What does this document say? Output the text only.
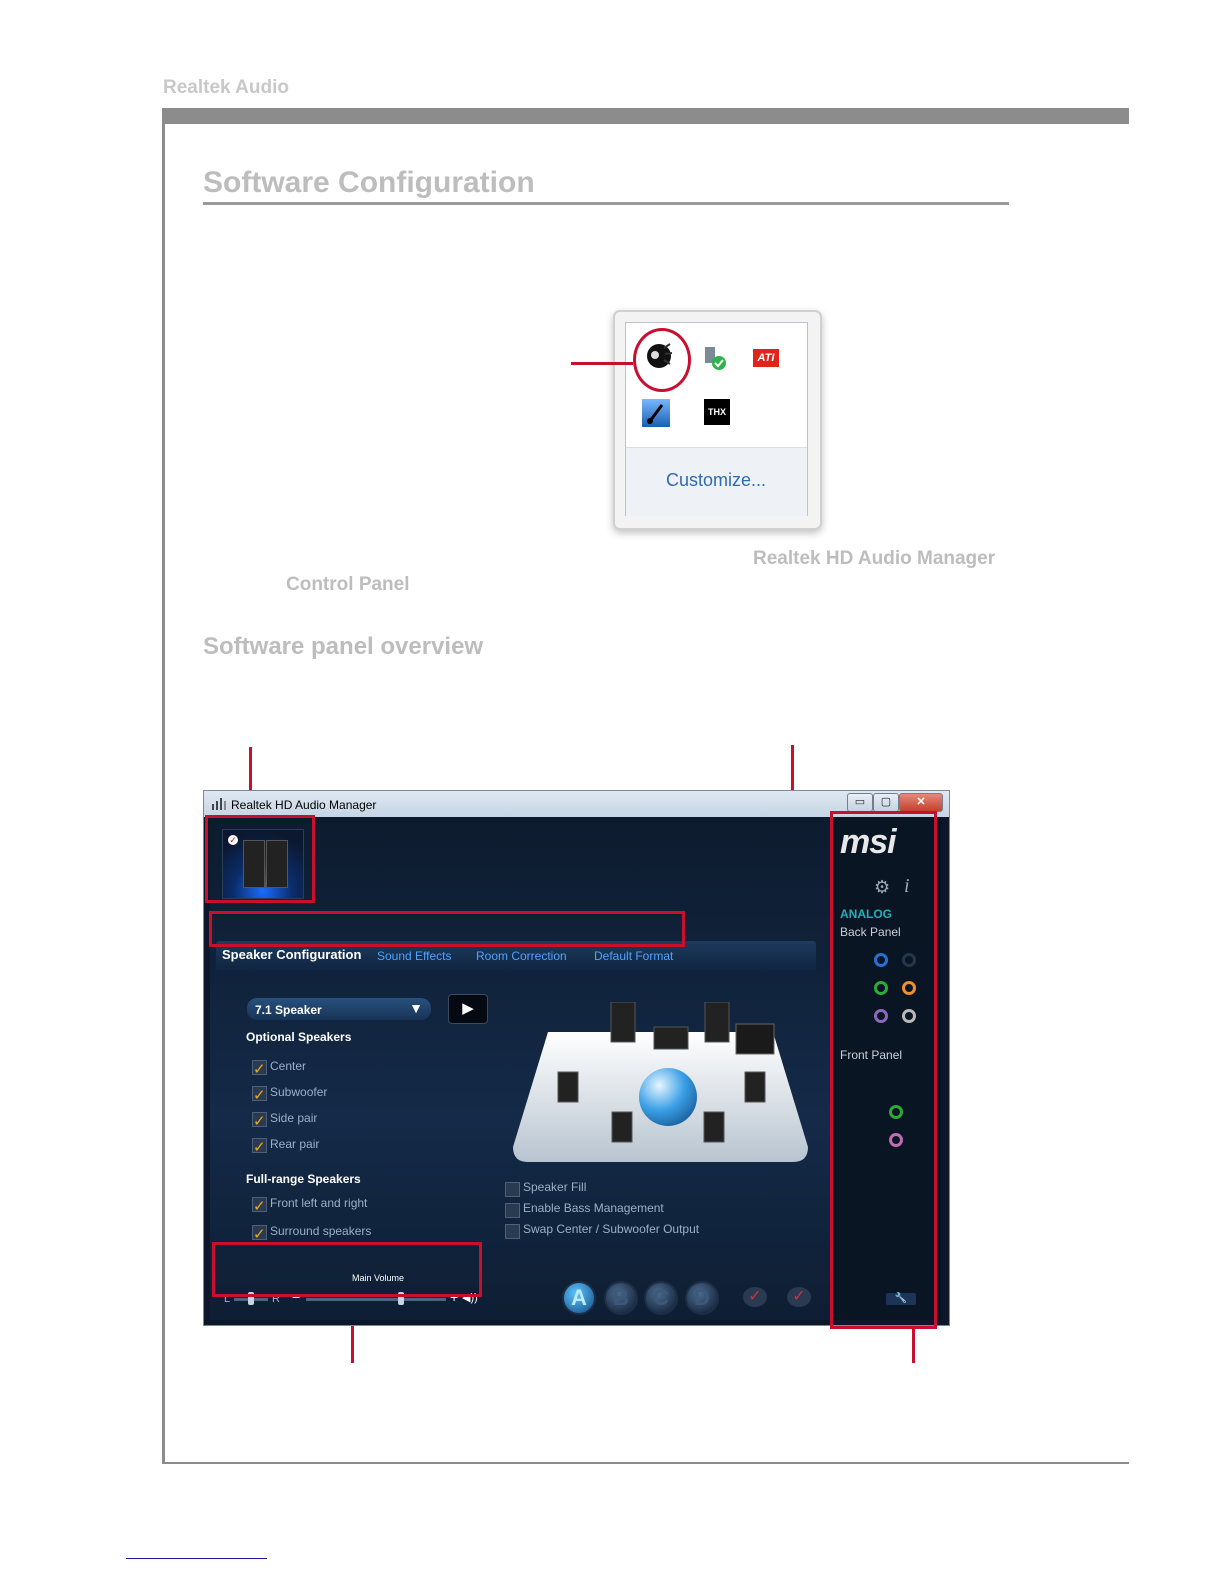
Realtek Audio
Software Configuration
ATI
THX
Customize...
Realtek HD Audio Manager
Control Panel
Software panel overview
Realtek HD Audio Manager	▭	▢	✕
✓
Speaker Configuration Sound Effects Room Correction Default Format
7.1 Speaker	▼	▶
Optional Speakers
✓ Center
✓ Subwoofer
✓ Side pair
✓ Rear pair
Full-range Speakers
✓ Front left and right
✓ Surround speakers
Speaker Fill
Enable Bass Management
Swap Center / Subwoofer Output
Main Volume
L	R −	+ ◀))	A	B	C	D	✓	✓
msi
⚙ i
ANALOG
Back Panel
Front Panel
🔧
